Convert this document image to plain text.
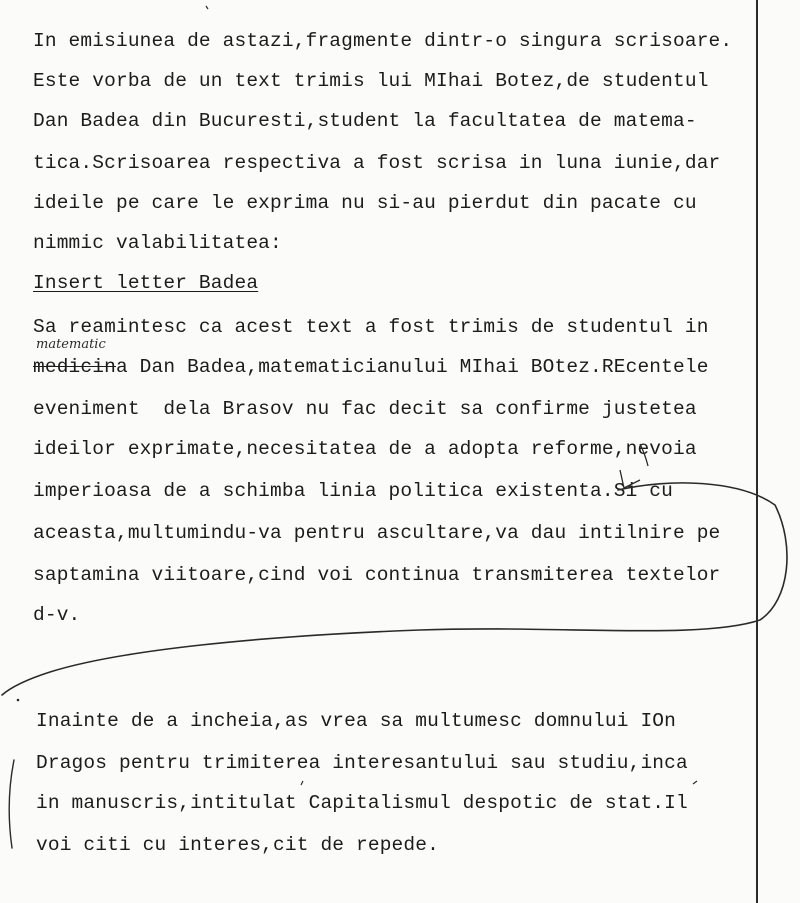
In emisiunea de astazi,fragmente dintr-o singura scrisoare.
Este vorba de un text trimis lui MIhai Botez,de studentul
Dan Badea din Bucuresti,student la facultatea de matema-
tica.Scrisoarea respectiva a fost scrisa in luna iunie,dar
ideile pe care le exprima nu si-au pierdut din pacate cu
nimmic valabilitatea:
Insert letter Badea
Sa reamintesc ca acest text a fost trimis de studentul in
matematic
medicina Dan Badea,matematicianului MIhai BOtez.REcentele
eveniment  dela Brasov nu fac decit sa confirme justetea
ideilor exprimate,necesitatea de a adopta reforme,nevoia
imperioasa de a schimba linia politica existenta.Si cu
aceasta,multumindu-va pentru ascultare,va dau intilnire pe
saptamina viitoare,cind voi continua transmiterea textelor
d-v.
Inainte de a incheia,as vrea sa multumesc domnului IOn
Dragos pentru trimiterea interesantului sau studiu,inca
in manuscris,intitulat Capitalismul despotic de stat.Il
voi citi cu interes,cit de repede.
